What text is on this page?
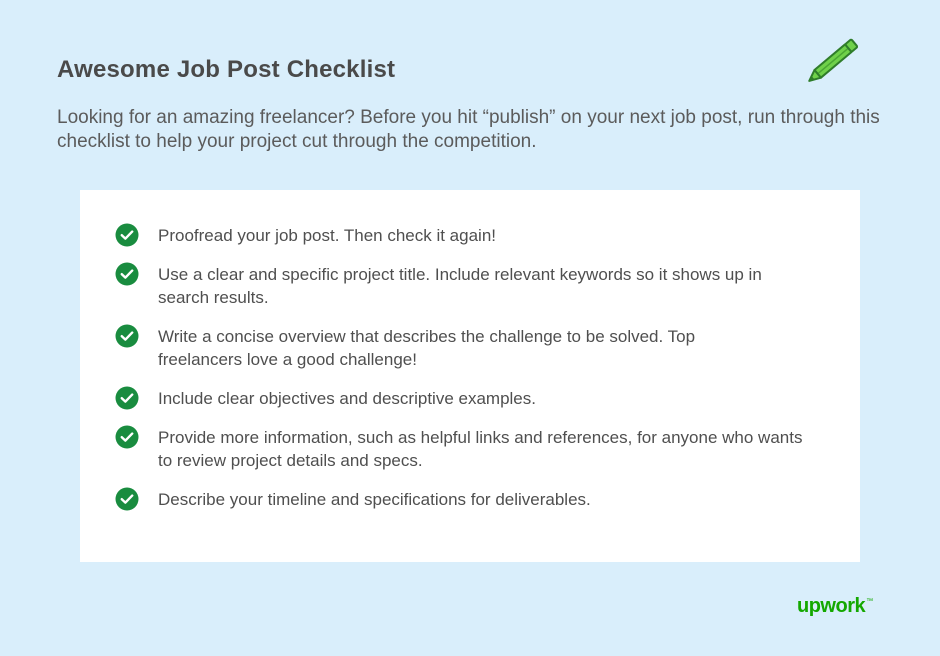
Awesome Job Post Checklist

Looking for an amazing freelancer? Before you hit “publish” on your next job post, run through this checklist to help your project cut through the competition.

Proofread your job post. Then check it again!
Use a clear and specific project title. Include relevant keywords so it shows up in search results.
Write a concise overview that describes the challenge to be solved. Top freelancers love a good challenge!
Include clear objectives and descriptive examples.
Provide more information, such as helpful links and references, for anyone who wants to review project details and specs.
Describe your timeline and specifications for deliverables.
upwork™
